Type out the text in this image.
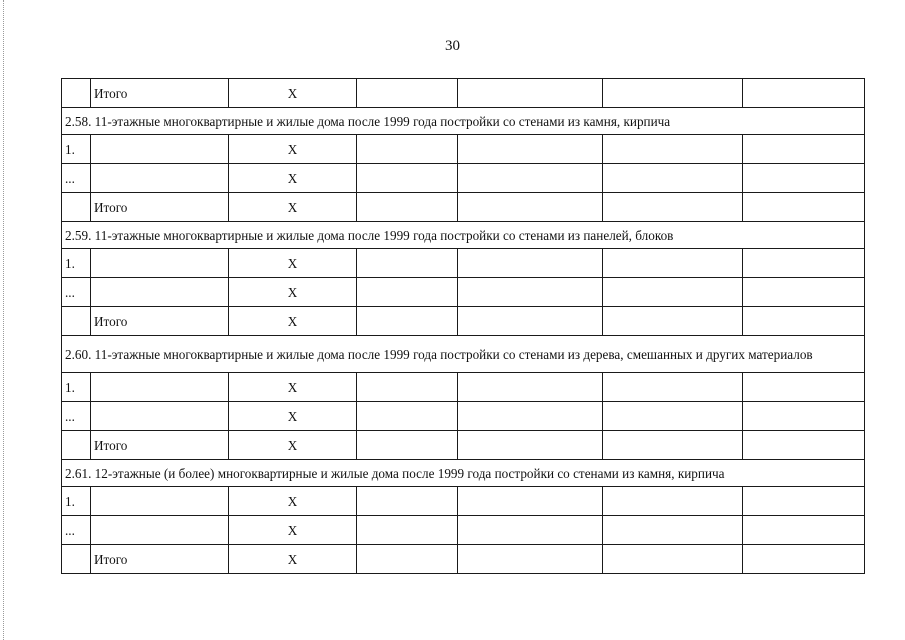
30
	Итого	X				
2.58. 11-этажные многоквартирные и жилые дома после 1999 года постройки со стенами из камня, кирпича						
1.		X				
...		X				
	Итого	X				
2.59. 11-этажные многоквартирные и жилые дома после 1999 года постройки со стенами из панелей, блоков						
1.		X				
...		X				
	Итого	X				
2.60. 11-этажные многоквартирные и жилые дома после 1999 года постройки со стенами из дерева, смешанных и других материалов						
1.		X				
...		X				
	Итого	X				
2.61. 12-этажные (и более) многоквартирные и жилые дома после 1999 года постройки со стенами из камня, кирпича						
1.		X				
...		X				
	Итого	X				
